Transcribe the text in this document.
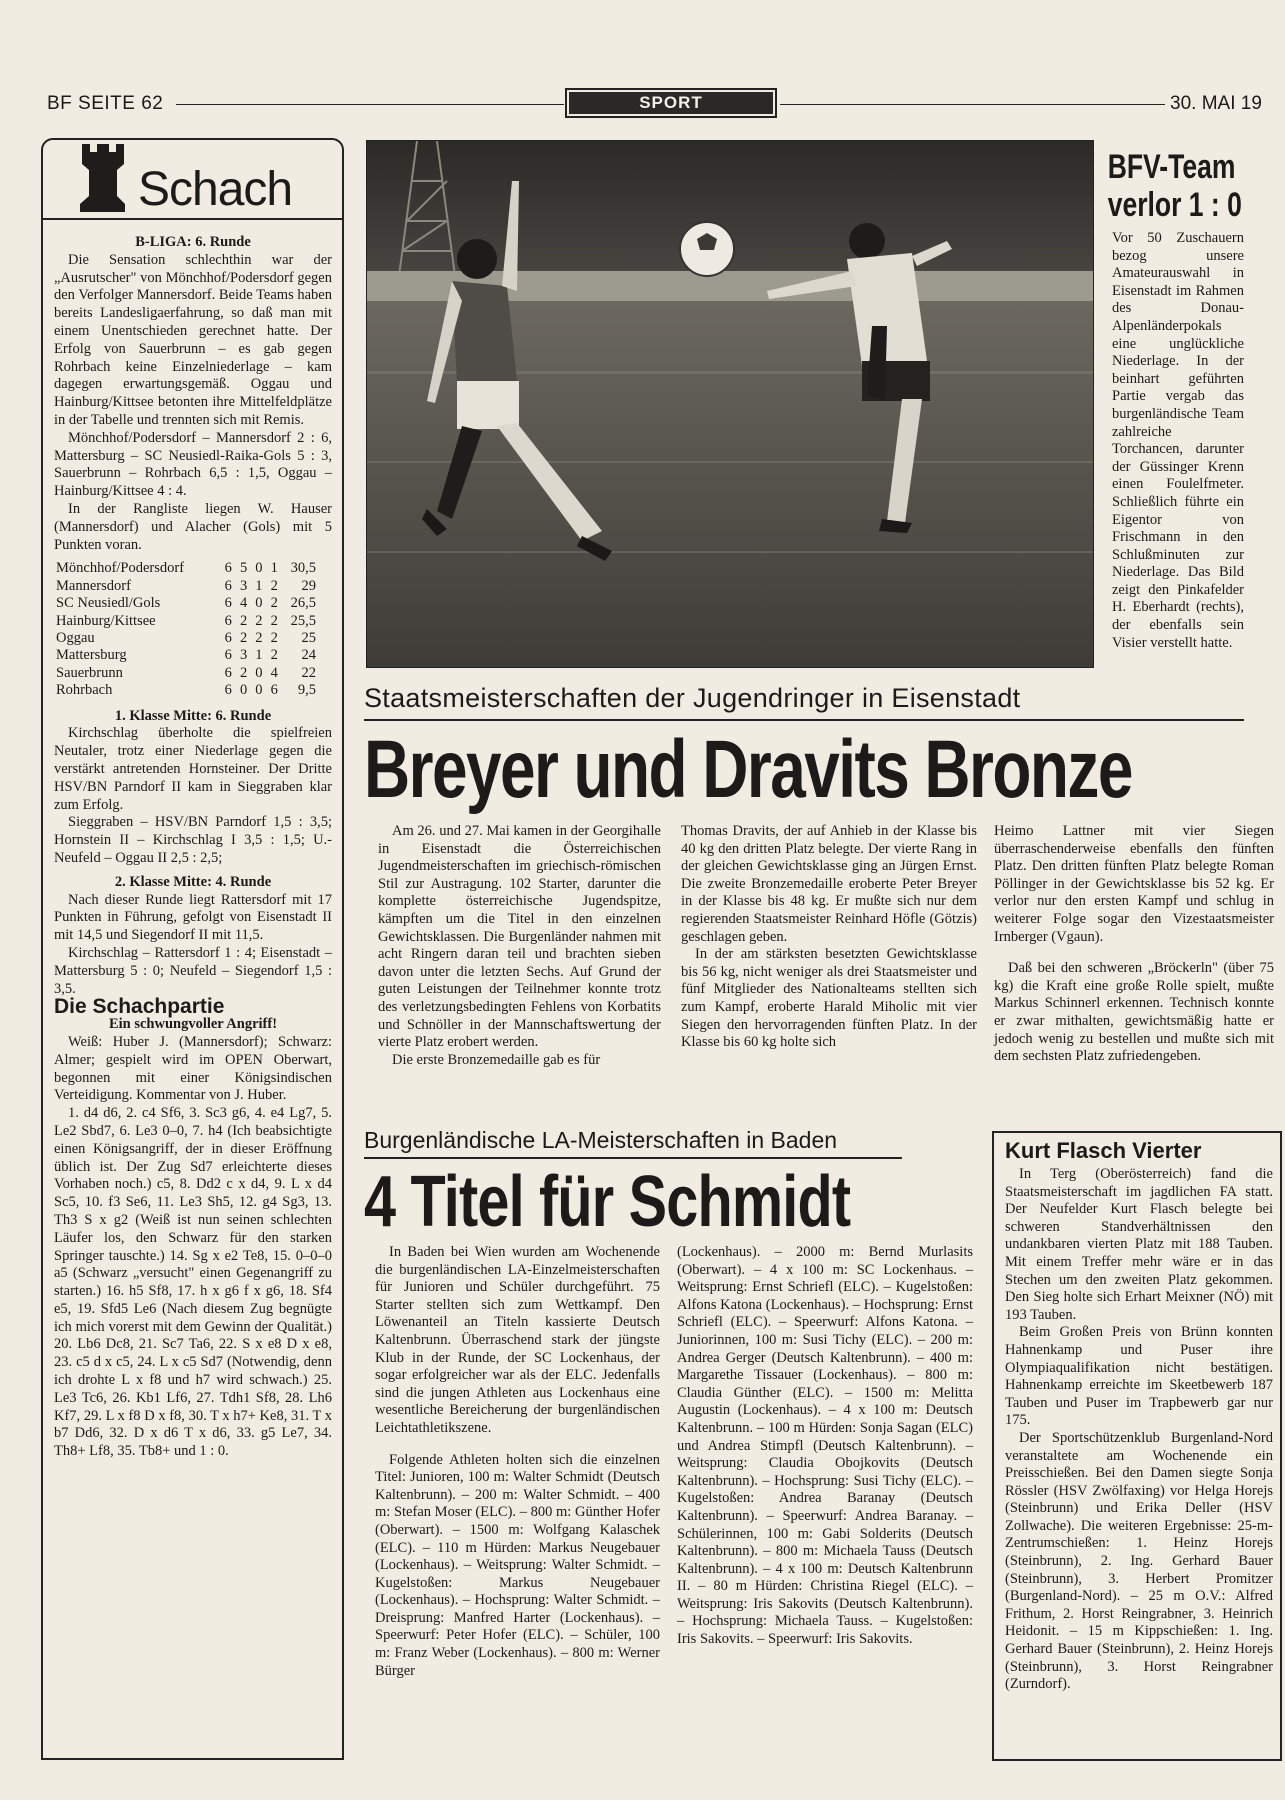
BF SEITE 62	SPORT	30. MAI 19
Schach

B-LIGA: 6. Runde

Die Sensation schlechthin war der „Ausrutscher" von Mönchhof/Podersdorf gegen den Verfolger Mannersdorf. Beide Teams haben bereits Landesligaerfahrung, so daß man mit einem Unentschieden gerechnet hatte. Der Erfolg von Sauerbrunn – es gab gegen Rohrbach keine Einzelniederlage – kam dagegen erwartungsgemäß. Oggau und Hainburg/Kittsee betonten ihre Mittelfeldplätze in der Tabelle und trennten sich mit Remis.

Mönchhof/Podersdorf – Mannersdorf 2 : 6, Mattersburg – SC Neusiedl-Raika-Gols 5 : 3, Sauerbrunn – Rohrbach 6,5 : 1,5, Oggau – Hainburg/Kittsee 4 : 4.

In der Rangliste liegen W. Hauser (Mannersdorf) und Alacher (Gols) mit 5 Punkten voran.

Mönchhof/Podersdorf	6	5	0	1	30,5
Mannersdorf	6	3	1	2	29
SC Neusiedl/Gols	6	4	0	2	26,5
Hainburg/Kittsee	6	2	2	2	25,5
Oggau	6	2	2	2	25
Mattersburg	6	3	1	2	24
Sauerbrunn	6	2	0	4	22
Rohrbach	6	0	0	6	9,5

1. Klasse Mitte: 6. Runde

Kirchschlag überholte die spielfreien Neutaler, trotz einer Niederlage gegen die verstärkt antretenden Hornsteiner. Der Dritte HSV/BN Parndorf II kam in Sieggraben klar zum Erfolg.

Sieggraben – HSV/BN Parndorf 1,5 : 3,5; Hornstein II – Kirchschlag I 3,5 : 1,5; U.-Neufeld – Oggau II 2,5 : 2,5;

2. Klasse Mitte: 4. Runde

Nach dieser Runde liegt Rattersdorf mit 17 Punkten in Führung, gefolgt von Eisenstadt II mit 14,5 und Siegendorf II mit 11,5.

Kirchschlag – Rattersdorf 1 : 4; Eisenstadt – Mattersburg 5 : 0; Neufeld – Siegendorf 1,5 : 3,5.

Die Schachpartie

Ein schwungvoller Angriff!

Weiß: Huber J. (Mannersdorf); Schwarz: Almer; gespielt wird im OPEN Oberwart, begonnen mit einer Königsindischen Verteidigung. Kommentar von J. Huber.

1. d4 d6, 2. c4 Sf6, 3. Sc3 g6, 4. e4 Lg7, 5. Le2 Sbd7, 6. Le3 0–0, 7. h4 (Ich beabsichtigte einen Königsangriff, der in dieser Eröffnung üblich ist. Der Zug Sd7 erleichterte dieses Vorhaben noch.) c5, 8. Dd2 c x d4, 9. L x d4 Sc5, 10. f3 Se6, 11. Le3 Sh5, 12. g4 Sg3, 13. Th3 S x g2 (Weiß ist nun seinen schlechten Läufer los, den Schwarz für den starken Springer tauschte.) 14. Sg x e2 Te8, 15. 0–0–0 a5 (Schwarz „versucht" einen Gegenangriff zu starten.) 16. h5 Sf8, 17. h x g6 f x g6, 18. Sf4 e5, 19. Sfd5 Le6 (Nach diesem Zug begnügte ich mich vorerst mit dem Gewinn der Qualität.) 20. Lb6 Dc8, 21. Sc7 Ta6, 22. S x e8 D x e8, 23. c5 d x c5, 24. L x c5 Sd7 (Notwendig, denn ich drohte L x f8 und h7 wird schwach.) 25. Le3 Tc6, 26. Kb1 Lf6, 27. Tdh1 Sf8, 28. Lh6 Kf7, 29. L x f8 D x f8, 30. T x h7+ Ke8, 31. T x b7 Dd6, 32. D x d6 T x d6, 33. g5 Le7, 34. Th8+ Lf8, 35. Tb8+ und 1 : 0.

BFV-Team
verlor 1 : 0
Vor 50 Zuschauern bezog unsere Amateurauswahl in Eisenstadt im Rahmen des Donau-Alpenländerpokals eine unglückliche Niederlage. In der beinhart geführten Partie vergab das burgenländische Team zahlreiche Torchancen, darunter der Güssinger Krenn einen Foulelfmeter. Schließlich führte ein Eigentor von Frischmann in den Schlußminuten zur Niederlage. Das Bild zeigt den Pinkafelder H. Eberhardt (rechts), der ebenfalls sein Visier verstellt hatte.
Staatsmeisterschaften der Jugendringer in Eisenstadt
Breyer und Dravits Bronze

Am 26. und 27. Mai kamen in der Georgihalle in Eisenstadt die Österreichischen Jugendmeisterschaften im griechisch-römischen Stil zur Austragung. 102 Starter, darunter die komplette österreichische Jugendspitze, kämpften um die Titel in den einzelnen Gewichtsklassen. Die Burgenländer nahmen mit acht Ringern daran teil und brachten sieben davon unter die letzten Sechs. Auf Grund der guten Leistungen der Teilnehmer konnte trotz des verletzungsbedingten Fehlens von Korbatits und Schnöller in der Mannschaftswertung der vierte Platz erobert werden.

Die erste Bronzemedaille gab es für

Thomas Dravits, der auf Anhieb in der Klasse bis 40 kg den dritten Platz belegte. Der vierte Rang in der gleichen Gewichtsklasse ging an Jürgen Ernst. Die zweite Bronzemedaille eroberte Peter Breyer in der Klasse bis 48 kg. Er mußte sich nur dem regierenden Staatsmeister Reinhard Höfle (Götzis) geschlagen geben.

In der am stärksten besetzten Gewichtsklasse bis 56 kg, nicht weniger als drei Staatsmeister und fünf Mitglieder des Nationalteams stellten sich zum Kampf, eroberte Harald Miholic mit vier Siegen den hervorragenden fünften Platz. In der Klasse bis 60 kg holte sich

Heimo Lattner mit vier Siegen überraschenderweise ebenfalls den fünften Platz. Den dritten fünften Platz belegte Roman Pöllinger in der Gewichtsklasse bis 52 kg. Er verlor nur den ersten Kampf und schlug in weiterer Folge sogar den Vizestaatsmeister Irnberger (Vgaun).

Daß bei den schweren „Bröckerln" (über 75 kg) die Kraft eine große Rolle spielt, mußte Markus Schinnerl erkennen. Technisch konnte er zwar mithalten, gewichtsmäßig hatte er jedoch wenig zu bestellen und mußte sich mit dem sechsten Platz zufriedengeben.

Burgenländische LA-Meisterschaften in Baden
4 Titel für Schmidt

In Baden bei Wien wurden am Wochenende die burgenländischen LA-Einzelmeisterschaften für Junioren und Schüler durchgeführt. 75 Starter stellten sich zum Wettkampf. Den Löwenanteil an Titeln kassierte Deutsch Kaltenbrunn. Überraschend stark der jüngste Klub in der Runde, der SC Lockenhaus, der sogar erfolgreicher war als der ELC. Jedenfalls sind die jungen Athleten aus Lockenhaus eine wesentliche Bereicherung der burgenländischen Leichtathletikszene.

Folgende Athleten holten sich die einzelnen Titel: Junioren, 100 m: Walter Schmidt (Deutsch Kaltenbrunn). – 200 m: Walter Schmidt. – 400 m: Stefan Moser (ELC). – 800 m: Günther Hofer (Oberwart). – 1500 m: Wolfgang Kalaschek (ELC). – 110 m Hürden: Markus Neugebauer (Lockenhaus). – Weitsprung: Walter Schmidt. – Kugelstoßen: Markus Neugebauer (Lockenhaus). – Hochsprung: Walter Schmidt. – Dreisprung: Manfred Harter (Lockenhaus). – Speerwurf: Peter Hofer (ELC). – Schüler, 100 m: Franz Weber (Lockenhaus). – 800 m: Werner Bürger

(Lockenhaus). – 2000 m: Bernd Murlasits (Oberwart). – 4 x 100 m: SC Lockenhaus. – Weitsprung: Ernst Schriefl (ELC). – Kugelstoßen: Alfons Katona (Lockenhaus). – Hochsprung: Ernst Schriefl (ELC). – Speerwurf: Alfons Katona. – Juniorinnen, 100 m: Susi Tichy (ELC). – 200 m: Andrea Gerger (Deutsch Kaltenbrunn). – 400 m: Margarethe Tissauer (Lockenhaus). – 800 m: Claudia Günther (ELC). – 1500 m: Melitta Augustin (Lockenhaus). – 4 x 100 m: Deutsch Kaltenbrunn. – 100 m Hürden: Sonja Sagan (ELC) und Andrea Stimpfl (Deutsch Kaltenbrunn). – Weitsprung: Claudia Obojkovits (Deutsch Kaltenbrunn). – Hochsprung: Susi Tichy (ELC). – Kugelstoßen: Andrea Baranay (Deutsch Kaltenbrunn). – Speerwurf: Andrea Baranay. – Schülerinnen, 100 m: Gabi Solderits (Deutsch Kaltenbrunn). – 800 m: Michaela Tauss (Deutsch Kaltenbrunn). – 4 x 100 m: Deutsch Kaltenbrunn II. – 80 m Hürden: Christina Riegel (ELC). – Weitsprung: Iris Sakovits (Deutsch Kaltenbrunn). – Hochsprung: Michaela Tauss. – Kugelstoßen: Iris Sakovits. – Speerwurf: Iris Sakovits.

Kurt Flasch Vierter

In Terg (Oberösterreich) fand die Staatsmeisterschaft im jagdlichen FA statt. Der Neufelder Kurt Flasch belegte bei schweren Standverhältnissen den undankbaren vierten Platz mit 188 Tauben. Mit einem Treffer mehr wäre er in das Stechen um den zweiten Platz gekommen. Den Sieg holte sich Erhart Meixner (NÖ) mit 193 Tauben.

Beim Großen Preis von Brünn konnten Hahnenkamp und Puser ihre Olympiaqualifikation nicht bestätigen. Hahnenkamp erreichte im Skeetbewerb 187 Tauben und Puser im Trapbewerb gar nur 175.

Der Sportschützenklub Burgenland-Nord veranstaltete am Wochenende ein Preisschießen. Bei den Damen siegte Sonja Rössler (HSV Zwölfaxing) vor Helga Horejs (Steinbrunn) und Erika Deller (HSV Zollwache). Die weiteren Ergebnisse: 25-m-Zentrumschießen: 1. Heinz Horejs (Steinbrunn), 2. Ing. Gerhard Bauer (Steinbrunn), 3. Herbert Promitzer (Burgenland-Nord). – 25 m O.V.: Alfred Frithum, 2. Horst Reingrabner, 3. Heinrich Heidonit. – 15 m Kippschießen: 1. Ing. Gerhard Bauer (Steinbrunn), 2. Heinz Horejs (Steinbrunn), 3. Horst Reingrabner (Zurndorf).
